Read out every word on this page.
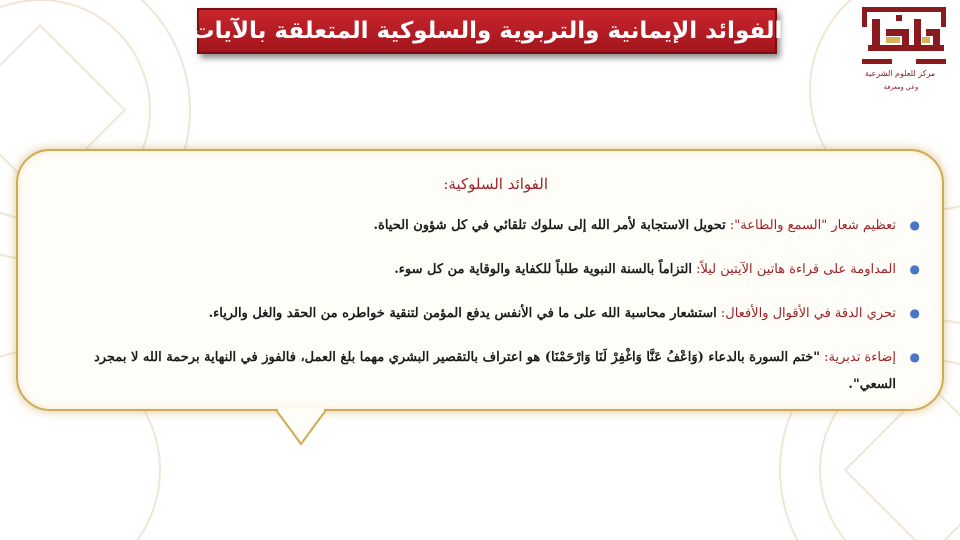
الفوائد الإيمانية والتربوية والسلوكية المتعلقة بالآيات
مركز للعلوم الشرعية
وعي ومعرفة
الفوائد السلوكية:
●
تعظيم شعار "السمع والطاعة": تحويل الاستجابة لأمر الله إلى سلوك تلقائي في كل شؤون الحياة.
●
المداومة على قراءة هاتين الآيتين ليلاً: التزاماً بالسنة النبوية طلباً للكفاية والوقاية من كل سوء.
●
تحري الدقة في الأقوال والأفعال: استشعار محاسبة الله على ما في الأنفس يدفع المؤمن لتنقية خواطره من الحقد والغل والرياء.
●
إضاءة تدبرية: "ختم السورة بالدعاء (وَاعْفُ عَنَّا وَاغْفِرْ لَنَا وَارْحَمْنَا) هو اعتراف بالتقصير البشري مهما بلغ العمل، فالفوز في النهاية برحمة الله لا بمجرد السعي".
